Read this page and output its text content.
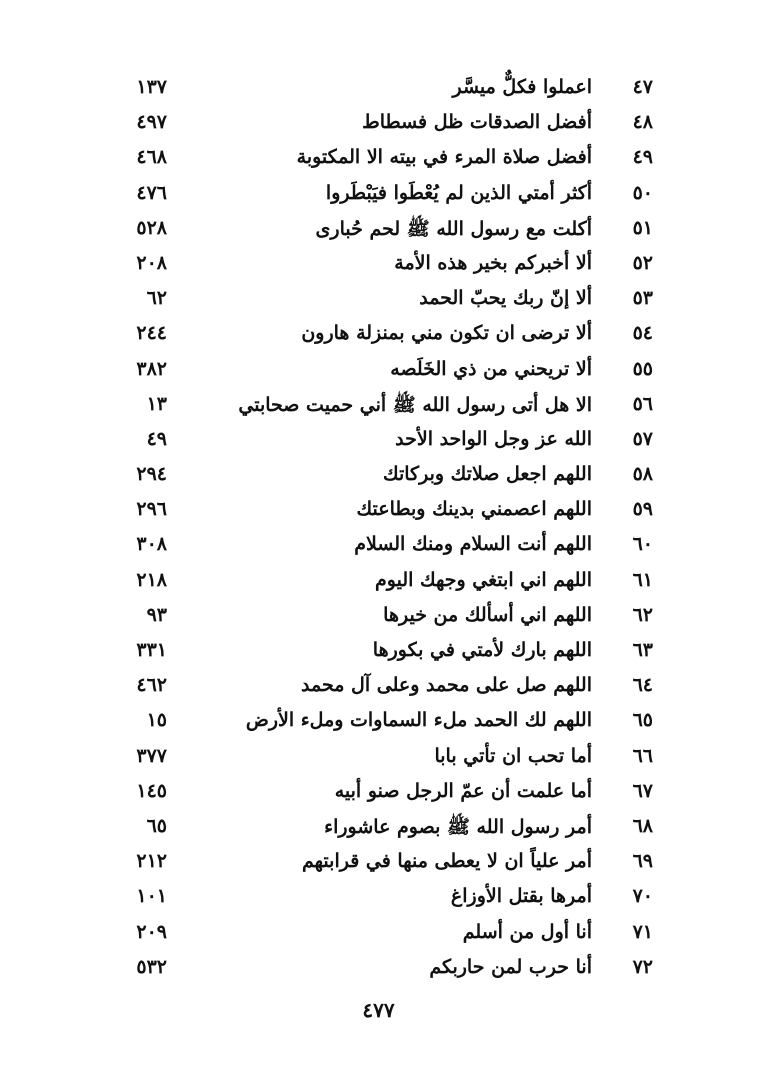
٤٧
اعملوا فكلٌّ ميسَّر
١٣٧
٤٨
أفضل الصدقات ظل فسطاط
٤٩٧
٤٩
أفضل صلاة المرء في بيته الا المكتوبة
٤٦٨
٥٠
أكثر أمتي الذين لم يُعْطَوا فيَبْطَروا
٤٧٦
٥١
أكلت مع رسول الله ﷺ لحم حُبارى
٥٢٨
٥٢
ألا أخبركم بخير هذه الأمة
٢٠٨
٥٣
ألا إنّ ربك يحبّ الحمد
٦٢
٥٤
ألا ترضى ان تكون مني بمنزلة هارون
٢٤٤
٥٥
ألا تريحني من ذي الخَلَصه
٣٨٢
٥٦
الا هل أتى رسول الله ﷺ أني حميت صحابتي
١٣
٥٧
الله عز وجل الواحد الأحد
٤٩
٥٨
اللهم اجعل صلاتك وبركاتك
٢٩٤
٥٩
اللهم اعصمني بدينك وبطاعتك
٢٩٦
٦٠
اللهم أنت السلام ومنك السلام
٣٠٨
٦١
اللهم اني ابتغي وجهك اليوم
٢١٨
٦٢
اللهم اني أسألك من خيرها
٩٣
٦٣
اللهم بارك لأمتي في بكورها
٣٣١
٦٤
اللهم صل على محمد وعلى آل محمد
٤٦٢
٦٥
اللهم لك الحمد ملء السماوات وملء الأرض
١٥
٦٦
أما تحب ان تأتي بابا
٣٧٧
٦٧
أما علمت أن عمّ الرجل صنو أبيه
١٤٥
٦٨
أمر رسول الله ﷺ بصوم عاشوراء
٦٥
٦٩
أمر علياً ان لا يعطى منها في قرابتهم
٢١٢
٧٠
أمرها بقتل الأوزاغ
١٠١
٧١
أنا أول من أسلم
٢٠٩
٧٢
أنا حرب لمن حاربكم
٥٣٢
٤٧٧
